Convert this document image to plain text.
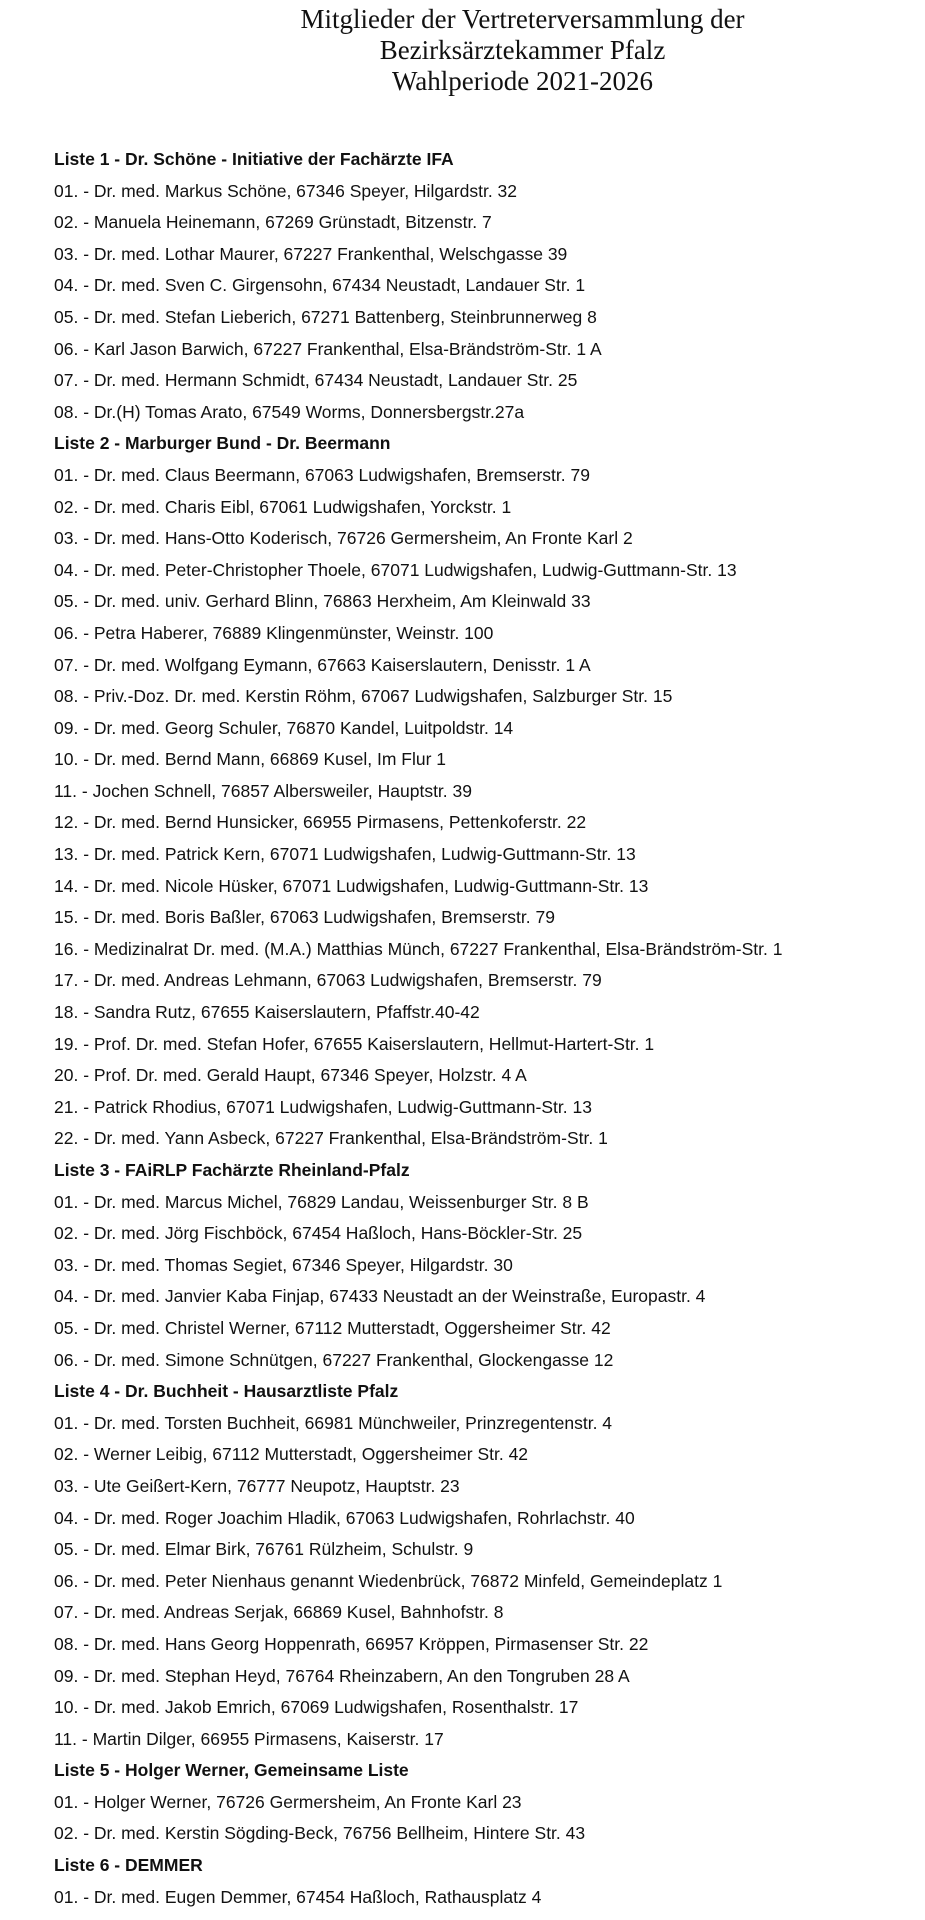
Mitglieder der Vertreterversammlung der
Bezirksärztekammer Pfalz
Wahlperiode 2021-2026
Liste 1 - Dr. Schöne - Initiative der Fachärzte IFA
01. - Dr. med. Markus Schöne, 67346 Speyer, Hilgardstr. 32
02. - Manuela Heinemann, 67269 Grünstadt, Bitzenstr. 7
03. - Dr. med. Lothar Maurer, 67227 Frankenthal, Welschgasse 39
04. - Dr. med. Sven C. Girgensohn, 67434 Neustadt, Landauer Str. 1
05. - Dr. med. Stefan Lieberich, 67271 Battenberg, Steinbrunnerweg 8
06. - Karl Jason Barwich, 67227 Frankenthal, Elsa-Brändström-Str. 1 A
07. - Dr. med. Hermann Schmidt, 67434 Neustadt, Landauer Str. 25
08. - Dr.(H) Tomas Arato, 67549 Worms, Donnersbergstr.27a
Liste 2 - Marburger Bund - Dr. Beermann
01. - Dr. med. Claus Beermann, 67063 Ludwigshafen, Bremserstr. 79
02. - Dr. med. Charis Eibl, 67061 Ludwigshafen, Yorckstr. 1
03. - Dr. med. Hans-Otto Koderisch, 76726 Germersheim, An Fronte Karl 2
04. - Dr. med. Peter-Christopher Thoele, 67071 Ludwigshafen, Ludwig-Guttmann-Str. 13
05. - Dr. med. univ. Gerhard Blinn, 76863 Herxheim, Am Kleinwald 33
06. - Petra Haberer, 76889 Klingenmünster, Weinstr. 100
07. - Dr. med. Wolfgang Eymann, 67663 Kaiserslautern, Denisstr. 1 A
08. - Priv.-Doz. Dr. med. Kerstin Röhm, 67067 Ludwigshafen, Salzburger Str. 15
09. - Dr. med. Georg Schuler, 76870 Kandel, Luitpoldstr. 14
10. - Dr. med. Bernd Mann, 66869 Kusel, Im Flur 1
11. - Jochen Schnell, 76857 Albersweiler, Hauptstr. 39
12. - Dr. med. Bernd Hunsicker, 66955 Pirmasens, Pettenkoferstr. 22
13. - Dr. med. Patrick Kern, 67071 Ludwigshafen, Ludwig-Guttmann-Str. 13
14. - Dr. med. Nicole Hüsker, 67071 Ludwigshafen, Ludwig-Guttmann-Str. 13
15. - Dr. med. Boris Baßler, 67063 Ludwigshafen, Bremserstr. 79
16. - Medizinalrat Dr. med. (M.A.) Matthias Münch, 67227 Frankenthal, Elsa-Brändström-Str. 1
17. - Dr. med. Andreas Lehmann, 67063 Ludwigshafen, Bremserstr. 79
18. - Sandra Rutz, 67655 Kaiserslautern, Pfaffstr.40-42
19. - Prof. Dr. med. Stefan Hofer, 67655 Kaiserslautern, Hellmut-Hartert-Str. 1
20. - Prof. Dr. med. Gerald Haupt, 67346 Speyer, Holzstr. 4 A
21. - Patrick Rhodius, 67071 Ludwigshafen, Ludwig-Guttmann-Str. 13
22. - Dr. med. Yann Asbeck, 67227 Frankenthal, Elsa-Brändström-Str. 1
Liste 3 - FAiRLP Fachärzte Rheinland-Pfalz
01. - Dr. med. Marcus Michel, 76829 Landau, Weissenburger Str. 8 B
02. - Dr. med. Jörg Fischböck, 67454 Haßloch, Hans-Böckler-Str. 25
03. - Dr. med. Thomas Segiet, 67346 Speyer, Hilgardstr. 30
04. - Dr. med. Janvier Kaba Finjap, 67433 Neustadt an der Weinstraße, Europastr. 4
05. - Dr. med. Christel Werner, 67112 Mutterstadt, Oggersheimer Str. 42
06. - Dr. med. Simone Schnütgen, 67227 Frankenthal, Glockengasse 12
Liste 4 - Dr. Buchheit - Hausarztliste Pfalz
01. - Dr. med. Torsten Buchheit, 66981 Münchweiler, Prinzregentenstr. 4
02. - Werner Leibig, 67112 Mutterstadt, Oggersheimer Str. 42
03. - Ute Geißert-Kern, 76777 Neupotz, Hauptstr. 23
04. - Dr. med. Roger Joachim Hladik, 67063 Ludwigshafen, Rohrlachstr. 40
05. - Dr. med. Elmar Birk, 76761 Rülzheim, Schulstr. 9
06. - Dr. med. Peter Nienhaus genannt Wiedenbrück, 76872 Minfeld, Gemeindeplatz 1
07. - Dr. med. Andreas Serjak, 66869 Kusel, Bahnhofstr. 8
08. - Dr. med. Hans Georg Hoppenrath, 66957 Kröppen, Pirmasenser Str. 22
09. - Dr. med. Stephan Heyd, 76764 Rheinzabern, An den Tongruben 28 A
10. - Dr. med. Jakob Emrich, 67069 Ludwigshafen, Rosenthalstr. 17
11. - Martin Dilger, 66955 Pirmasens, Kaiserstr. 17
Liste 5 - Holger Werner, Gemeinsame Liste
01. - Holger Werner, 76726 Germersheim, An Fronte Karl 23
02. - Dr. med. Kerstin Sögding-Beck, 76756 Bellheim, Hintere Str. 43
Liste 6 - DEMMER
01. - Dr. med. Eugen Demmer, 67454 Haßloch, Rathausplatz 4
